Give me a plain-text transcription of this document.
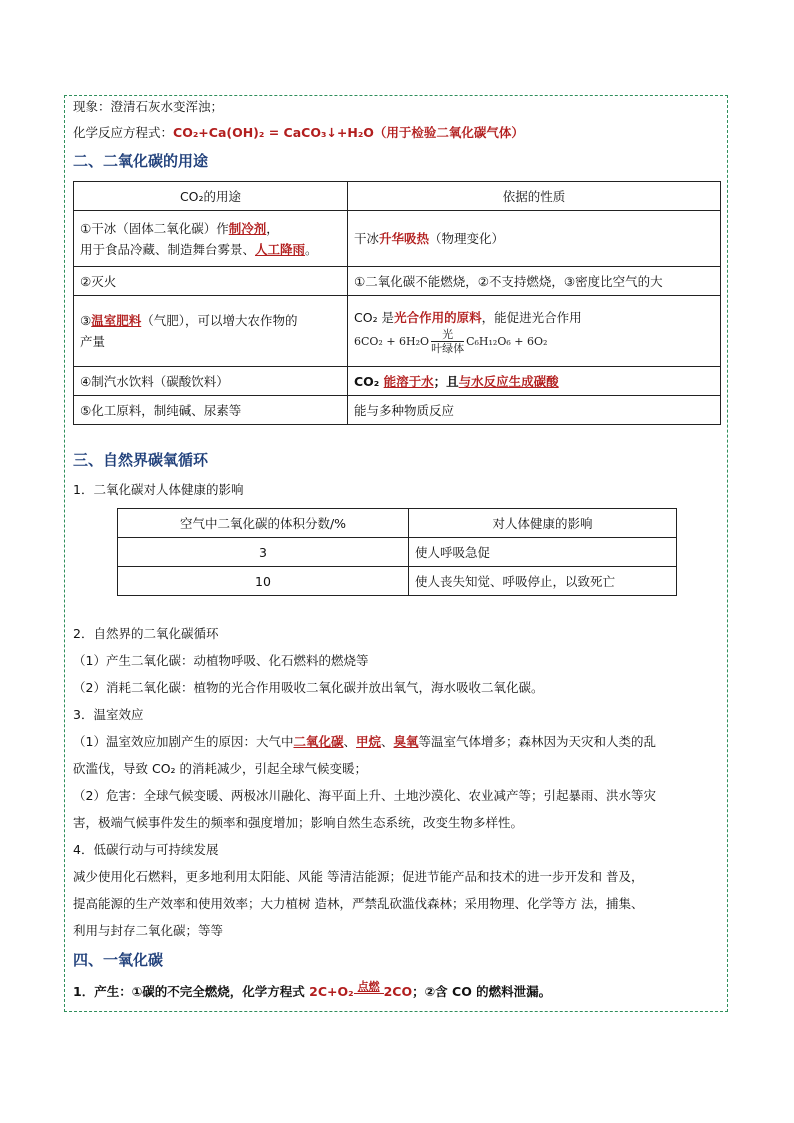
现象：澄清石灰水变浑浊；
化学反应方程式：CO₂+Ca(OH)₂ = CaCO₃↓+H₂O（用于检验二氧化碳气体）
二、二氧化碳的用途
CO₂的用途	依据的性质
①干冰（固体二氧化碳）作制冷剂，
用于食品冷藏、制造舞台雾景、人工降雨。	干冰升华吸热（物理变化）
②灭火	①二氧化碳不能燃烧，②不支持燃烧，③密度比空气的大
③温室肥料（气肥），可以增大农作物的
产量	CO₂ 是光合作用的原料，能促进光合作用
$6CO_2 + 6H_2O \frac{\text{光}}{\text{叶绿体}} C_6H_{12}O_6 + 6O_2$
④制汽水饮料（碳酸饮料）	CO₂ 能溶于水；且与水反应生成碳酸
⑤化工原料，制纯碱、尿素等	能与多种物质反应
三、自然界碳氧循环
1．二氧化碳对人体健康的影响
空气中二氧化碳的体积分数/%	对人体健康的影响
3	使人呼吸急促
10	使人丧失知觉、呼吸停止，以致死亡
2．自然界的二氧化碳循环
（1）产生二氧化碳：动植物呼吸、化石燃料的燃烧等
（2）消耗二氧化碳：植物的光合作用吸收二氧化碳并放出氧气，海水吸收二氧化碳。
3．温室效应
（1）温室效应加剧产生的原因：大气中二氧化碳、甲烷、臭氧等温室气体增多；森林因为天灾和人类的乱
砍滥伐，导致 CO₂ 的消耗减少，引起全球气候变暖；
（2）危害：全球气候变暖、两极冰川融化、海平面上升、土地沙漠化、农业减产等；引起暴雨、洪水等灾
害，极端气候事件发生的频率和强度增加；影响自然生态系统，改变生物多样性。
4．低碳行动与可持续发展
减少使用化石燃料，更多地利用太阳能、风能 等清洁能源；促进节能产品和技术的进一步开发和 普及，
提高能源的生产效率和使用效率；大力植树 造林，严禁乱砍滥伐森林；采用物理、化学等方 法，捕集、
利用与封存二氧化碳；等等
四、一氧化碳
1．产生：①碳的不完全燃烧，化学方程式 2C+O₂ 点燃 2CO；②含 CO 的燃料泄漏。
